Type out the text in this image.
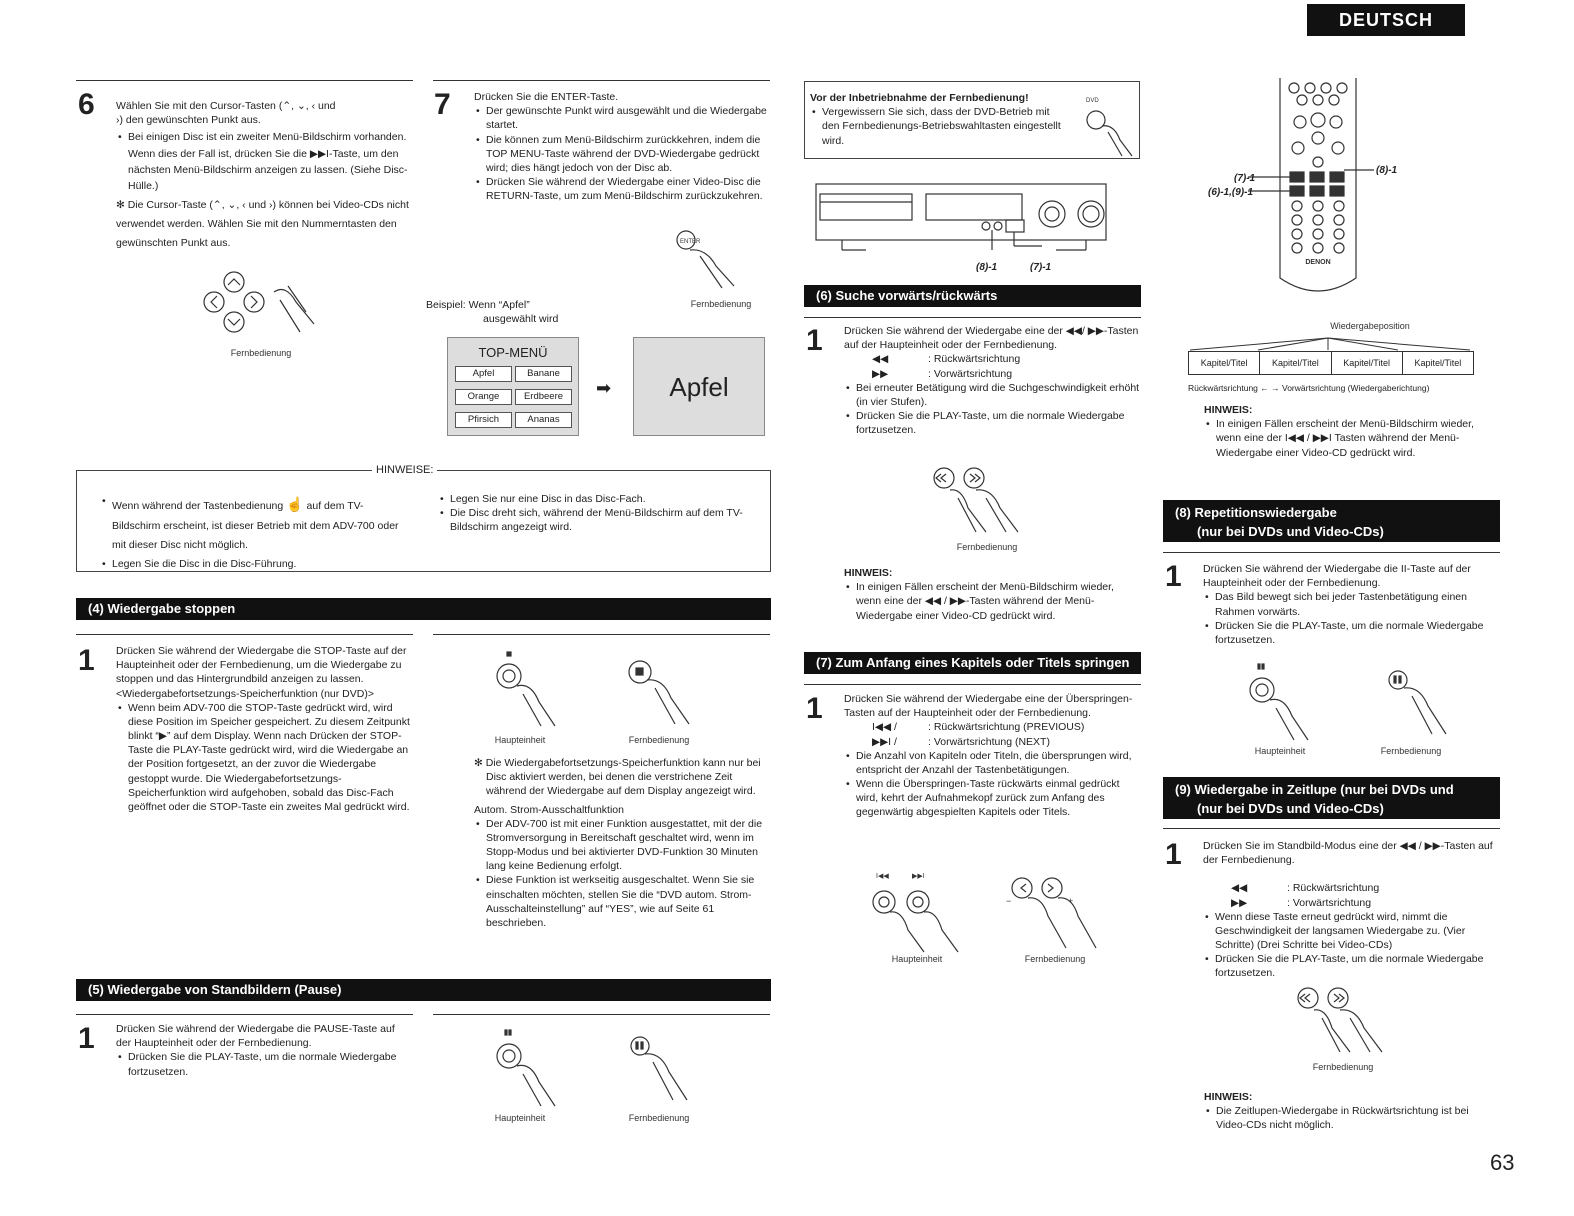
DEUTSCH
6 Wählen Sie mit den Cursor-Tasten (⌃, ⌄, ‹ und

›) den gewünschten Punkt aus.

• Bei einigen Disc ist ein zweiter Menü-Bildschirm vorhanden. Wenn dies der Fall ist, drücken Sie die ▶▶I-Taste, um den nächsten Menü-Bildschirm anzeigen zu lassen. (Siehe Disc-Hülle.)

✻ Die Cursor-Taste (⌃, ⌄, ‹ und ›) können bei Video-CDs nicht verwendet werden. Wählen Sie mit den Nummerntasten den gewünschten Punkt aus.

Fernbedienung
7 Drücken Sie die ENTER-Taste.

• Der gewünschte Punkt wird ausgewählt und die Wiedergabe startet.
• Die können zum Menü-Bildschirm zurückkehren, indem die TOP MENU-Taste während der DVD-Wiedergabe gedrückt wird; dies hängt jedoch von der Disc ab.
• Drücken Sie während der Wiedergabe einer Video-Disc die RETURN-Taste, um zum Menü-Bildschirm zurückzukehren.
ENTER
Fernbedienung

Beispiel: Wenn “Apfel”

ausgewählt wird

TOP-MENÜ
Apfel	Banane
Orange	Erdbeere
Pfirsich	Ananas
➡	Apfel
HINWEISE:
• Wenn während der Tastenbedienung ☝ auf dem TV-Bildschirm erscheint, ist dieser Betrieb mit dem ADV-700 oder mit dieser Disc nicht möglich.
• Legen Sie die Disc in die Disc-Führung.
• Legen Sie nur eine Disc in das Disc-Fach.
• Die Disc dreht sich, während der Menü-Bildschirm auf dem TV-Bildschirm angezeigt wird.
(4) Wiedergabe stoppen
1 Drücken Sie während der Wiedergabe die STOP-Taste auf der Haupteinheit oder der Fernbedienung, um die Wiedergabe zu stoppen und das Hintergrundbild anzeigen zu lassen.

<Wiedergabefortsetzungs-Speicherfunktion (nur DVD)>

• Wenn beim ADV-700 die STOP-Taste gedrückt wird, wird diese Position im Speicher gespeichert. Zu diesem Zeitpunkt blinkt “▶” auf dem Display. Wenn nach Drücken der STOP-Taste die PLAY-Taste gedrückt wird, wird die Wiedergabe an der Position fortgesetzt, an der zuvor die Wiedergabe gestoppt wurde. Die Wiedergabefortsetzungs-Speicherfunktion wird aufgehoben, sobald das Disc-Fach geöffnet oder die STOP-Taste ein zweites Mal gedrückt wird.
Haupteinheit	Fernbedienung

✻ Die Wiedergabefortsetzungs-Speicherfunktion kann nur bei Disc aktiviert werden, bei denen die verstrichene Zeit während der Wiedergabe auf dem Display angezeigt wird.

Autom. Strom-Ausschaltfunktion

• Der ADV-700 ist mit einer Funktion ausgestattet, mit der die Stromversorgung in Bereitschaft geschaltet wird, wenn im Stopp-Modus und bei aktivierter DVD-Funktion 30 Minuten lang keine Bedienung erfolgt.
• Diese Funktion ist werkseitig ausgeschaltet. Wenn Sie sie einschalten möchten, stellen Sie die “DVD autom. Strom-Ausschalteinstellung” auf “YES”, wie auf Seite 61 beschrieben.
(5) Wiedergabe von Standbildern (Pause)
1 Drücken Sie während der Wiedergabe die PAUSE-Taste auf der Haupteinheit oder der Fernbedienung.

• Drücken Sie die PLAY-Taste, um die normale Wiedergabe fortzusetzen.
Haupteinheit	Fernbedienung

Vor der Inbetriebnahme der Fernbedienung!

• Vergewissern Sie sich, dass der DVD-Betrieb mit den Fernbedienungs-Betriebswahltasten eingestellt wird.
DVD
(8)-1	(7)-1
(6) Suche vorwärts/rückwärts
1 Drücken Sie während der Wiedergabe eine der ◀◀/ ▶▶-Tasten auf der Haupteinheit oder der Fernbedienung.

◀◀	: Rückwärtsrichtung

▶▶	: Vorwärtsrichtung

• Bei erneuter Betätigung wird die Suchgeschwindigkeit erhöht (in vier Stufen).
• Drücken Sie die PLAY-Taste, um die normale Wiedergabe fortzusetzen.
Fernbedienung

HINWEIS:

• In einigen Fällen erscheint der Menü-Bildschirm wieder, wenn eine der ◀◀ / ▶▶-Tasten während der Menü-Wiedergabe einer Video-CD gedrückt wird.
(7) Zum Anfang eines Kapitels oder Titels springen
1 Drücken Sie während der Wiedergabe eine der Überspringen-Tasten auf der Haupteinheit oder der Fernbedienung.

I◀◀ /	: Rückwärtsrichtung (PREVIOUS)

▶▶I /	: Vorwärtsrichtung (NEXT)

• Die Anzahl von Kapiteln oder Titeln, die übersprungen wird, entspricht der Anzahl der Tastenbetätigungen.
• Wenn die Überspringen-Taste rückwärts einmal gedrückt wird, kehrt der Aufnahmekopf zurück zum Anfang des gegenwärtig abgespielten Kapitels oder Titels.
I◀◀	▶▶I
−	+
Haupteinheit	Fernbedienung
DENON
(7)-1
(6)-1,(9)-1
(8)-1
Wiedergabeposition
Kapitel/Titel	Kapitel/Titel	Kapitel/Titel	Kapitel/Titel
Rückwärtsrichtung ← → Vorwärtsrichtung (Wiedergaberichtung)

HINWEIS:

• In einigen Fällen erscheint der Menü-Bildschirm wieder, wenn eine der I◀◀ / ▶▶I Tasten während der Menü-Wiedergabe einer Video-CD gedrückt wird.
(8) Repetitionswiedergabe
(nur bei DVDs und Video-CDs)
1 Drücken Sie während der Wiedergabe die II-Taste auf der Haupteinheit oder der Fernbedienung.

• Das Bild bewegt sich bei jeder Tastenbetätigung einen Rahmen vorwärts.
• Drücken Sie die PLAY-Taste, um die normale Wiedergabe fortzusetzen.
Haupteinheit	Fernbedienung
(9) Wiedergabe in Zeitlupe (nur bei DVDs und
(nur bei DVDs und Video-CDs)
1 Drücken Sie im Standbild-Modus eine der ◀◀ / ▶▶-Tasten auf der Fernbedienung.

◀◀	: Rückwärtsrichtung

▶▶	: Vorwärtsrichtung

• Wenn diese Taste erneut gedrückt wird, nimmt die Geschwindigkeit der langsamen Wiedergabe zu. (Vier Schritte) (Drei Schritte bei Video-CDs)
• Drücken Sie die PLAY-Taste, um die normale Wiedergabe fortzusetzen.
Fernbedienung

HINWEIS:

• Die Zeitlupen-Wiedergabe in Rückwärtsrichtung ist bei Video-CDs nicht möglich.
63
